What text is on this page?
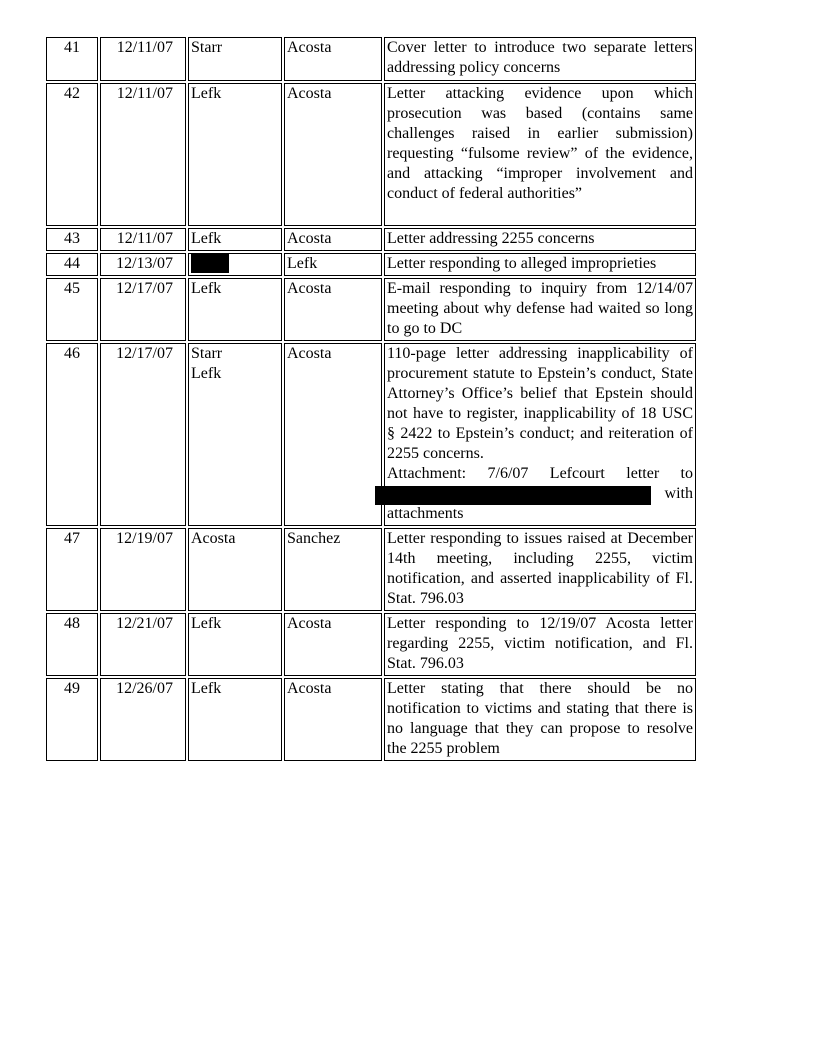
41		12/11/07		Starr		Acosta		Cover letter to introduce two separate letters addressing policy concerns

42		12/11/07		Lefk		Acosta		Letter attacking evidence upon which prosecution was based (contains same challenges raised in earlier submission) requesting “fulsome review” of the evidence, and attacking “improper involvement and conduct of federal authorities”

43		12/11/07		Lefk		Acosta		Letter addressing 2255 concerns

44		12/13/07				Lefk		Letter responding to alleged improprieties

45		12/17/07		Lefk		Acosta		E-mail responding to inquiry from 12/14/07 meeting about why defense had waited so long to go to DC

46		12/17/07		Starr
Lefk		Acosta		110-page letter addressing inapplicability of procurement statute to Epstein’s conduct, State Attorney’s Office’s belief that Epstein should not have to register, inapplicability of 18 USC § 2422 to Epstein’s conduct; and reiteration of 2255 concerns.
Attachment: 7/6/07 Lefcourt letter to
with
attachments

47		12/19/07		Acosta		Sanchez		Letter responding to issues raised at December 14th meeting, including 2255, victim notification, and asserted inapplicability of Fl. Stat. 796.03

48		12/21/07		Lefk		Acosta		Letter responding to 12/19/07 Acosta letter regarding 2255, victim notification, and Fl. Stat. 796.03

49		12/26/07		Lefk		Acosta		Letter stating that there should be no notification to victims and stating that there is no language that they can propose to resolve the 2255 problem
